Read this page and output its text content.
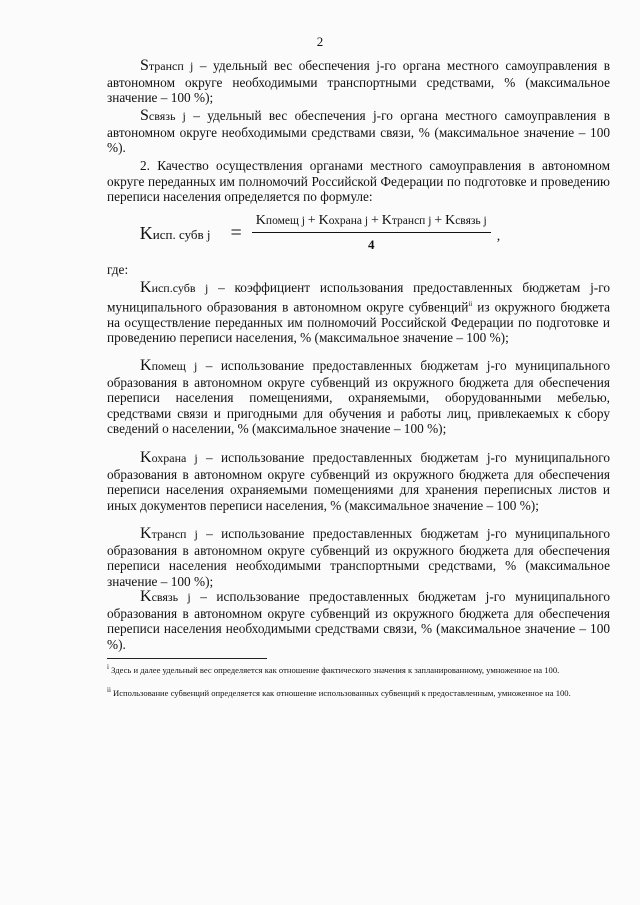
2

Sтрансп j – удельный вес обеспечения j-го органа местного самоуправления в автономном округе необходимыми транспортными средствами, % (максимальное значение – 100 %);

Sсвязь j – удельный вес обеспечения j-го органа местного самоуправления в автономном округе необходимыми средствами связи, % (максимальное значение – 100 %).

2. Качество осуществления органами местного самоуправления в автономном округе переданных им полномочий Российской Федерации по подготовке и проведению переписи населения определяется по формуле:

Kисп. субв j =
Kпомещ j + Kохрана j + Kтрансп j + Kсвязь j
4
,

где:

Kисп.субв j – коэффициент использования предоставленных бюджетам j-го муниципального образования в автономном округе субвенций$^{ii}$ из окружного бюджета на осуществление переданных им полномочий Российской Федерации по подготовке и проведению переписи населения, % (максимальное значение – 100 %);

Kпомещ j – использование предоставленных бюджетам j-го муниципального образования в автономном округе субвенций из окружного бюджета для обеспечения переписи населения помещениями, охраняемыми, оборудованными мебелью, средствами связи и пригодными для обучения и работы лиц, привлекаемых к сбору сведений о населении, % (максимальное значение – 100 %);

Kохрана j – использование предоставленных бюджетам j-го муниципального образования в автономном округе субвенций из окружного бюджета для обеспечения переписи населения охраняемыми помещениями для хранения переписных листов и иных документов переписи населения, % (максимальное значение – 100 %);

Kтрансп j – использование предоставленных бюджетам j-го муниципального образования в автономном округе субвенций из окружного бюджета для обеспечения переписи населения необходимыми транспортными средствами, % (максимальное значение – 100 %);

Kсвязь j – использование предоставленных бюджетам j-го муниципального образования в автономном округе субвенций из окружного бюджета для обеспечения переписи населения необходимыми средствами связи, % (максимальное значение – 100 %).

$^i$ Здесь и далее удельный вес определяется как отношение фактического значения к запланированному, умноженное на 100.
$^{ii}$ Использование субвенций определяется как отношение использованных субвенций к предоставленным, умноженное на 100.
